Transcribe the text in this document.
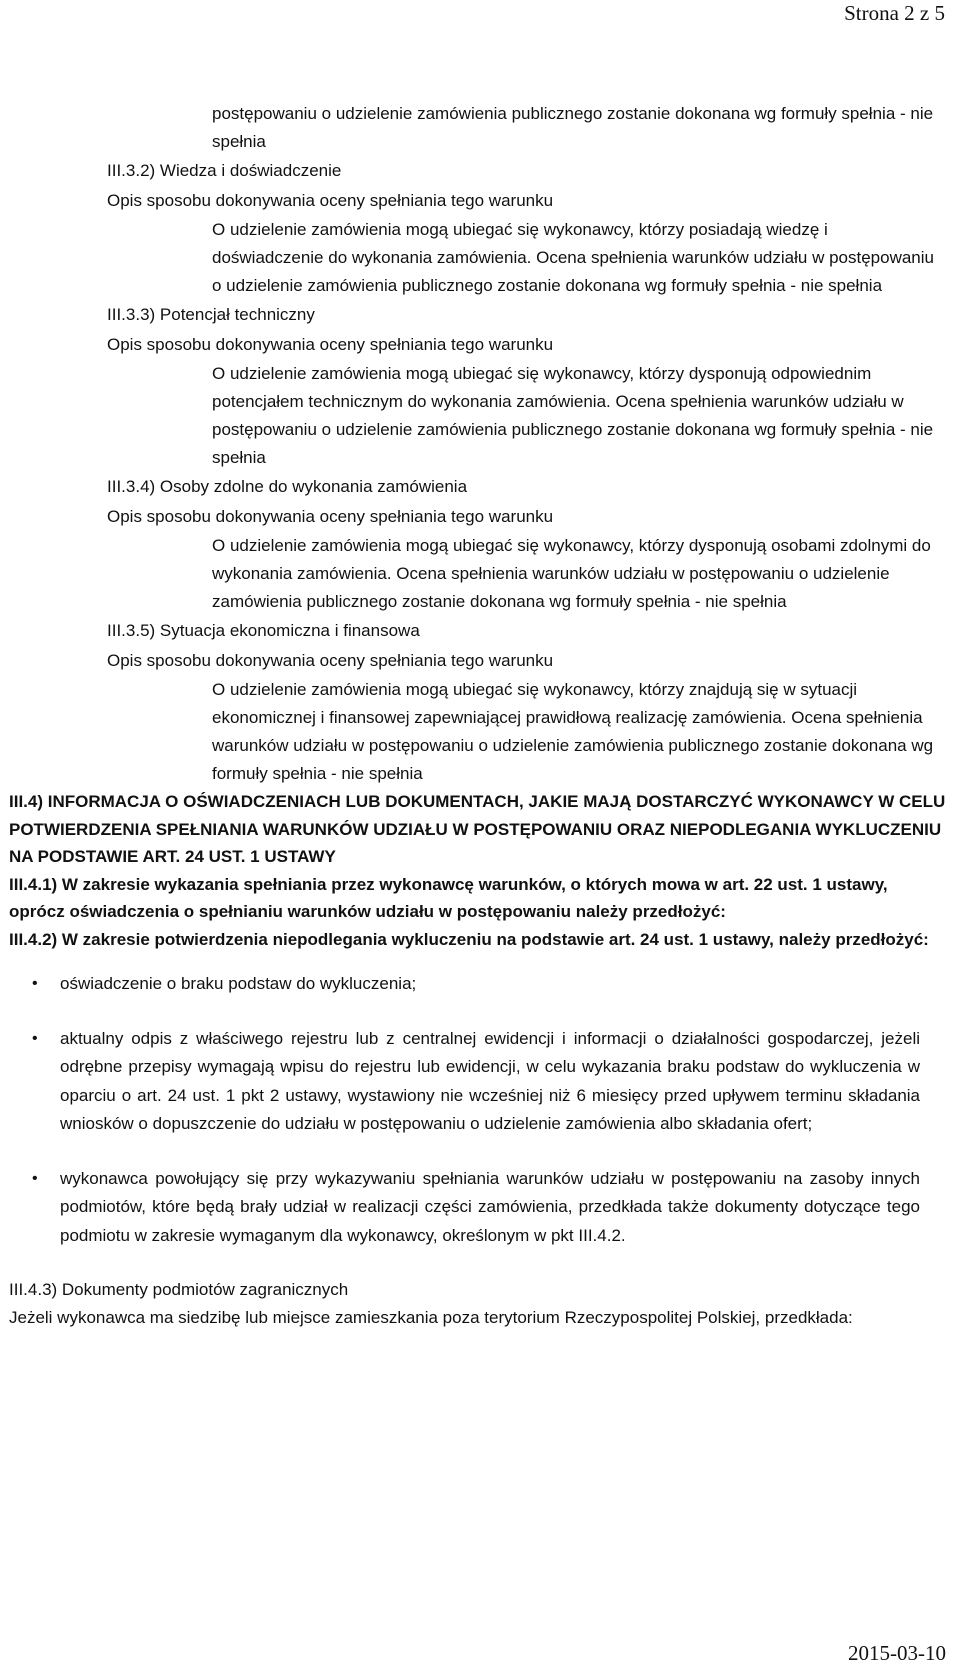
Strona 2 z 5

postępowaniu o udzielenie zamówienia publicznego zostanie dokonana wg formuły spełnia - nie spełnia

III.3.2) Wiedza i doświadczenie

Opis sposobu dokonywania oceny spełniania tego warunku

O udzielenie zamówienia mogą ubiegać się wykonawcy, którzy posiadają wiedzę i doświadczenie do wykonania zamówienia. Ocena spełnienia warunków udziału w postępowaniu o udzielenie zamówienia publicznego zostanie dokonana wg formuły spełnia - nie spełnia

III.3.3) Potencjał techniczny

Opis sposobu dokonywania oceny spełniania tego warunku

O udzielenie zamówienia mogą ubiegać się wykonawcy, którzy dysponują odpowiednim potencjałem technicznym do wykonania zamówienia. Ocena spełnienia warunków udziału w postępowaniu o udzielenie zamówienia publicznego zostanie dokonana wg formuły spełnia - nie spełnia

III.3.4) Osoby zdolne do wykonania zamówienia

Opis sposobu dokonywania oceny spełniania tego warunku

O udzielenie zamówienia mogą ubiegać się wykonawcy, którzy dysponują osobami zdolnymi do wykonania zamówienia. Ocena spełnienia warunków udziału w postępowaniu o udzielenie zamówienia publicznego zostanie dokonana wg formuły spełnia - nie spełnia

III.3.5) Sytuacja ekonomiczna i finansowa

Opis sposobu dokonywania oceny spełniania tego warunku

O udzielenie zamówienia mogą ubiegać się wykonawcy, którzy znajdują się w sytuacji ekonomicznej i finansowej zapewniającej prawidłową realizację zamówienia. Ocena spełnienia warunków udziału w postępowaniu o udzielenie zamówienia publicznego zostanie dokonana wg formuły spełnia - nie spełnia

III.4) INFORMACJA O OŚWIADCZENIACH LUB DOKUMENTACH, JAKIE MAJĄ DOSTARCZYĆ WYKONAWCY W CELU POTWIERDZENIA SPEŁNIANIA WARUNKÓW UDZIAŁU W POSTĘPOWANIU ORAZ NIEPODLEGANIA WYKLUCZENIU NA PODSTAWIE ART. 24 UST. 1 USTAWY

III.4.1) W zakresie wykazania spełniania przez wykonawcę warunków, o których mowa w art. 22 ust. 1 ustawy, oprócz oświadczenia o spełnianiu warunków udziału w postępowaniu należy przedłożyć:

III.4.2) W zakresie potwierdzenia niepodlegania wykluczeniu na podstawie art. 24 ust. 1 ustawy, należy przedłożyć:

• oświadczenie o braku podstaw do wykluczenia;
• aktualny odpis z właściwego rejestru lub z centralnej ewidencji i informacji o działalności gospodarczej, jeżeli odrębne przepisy wymagają wpisu do rejestru lub ewidencji, w celu wykazania braku podstaw do wykluczenia w oparciu o art. 24 ust. 1 pkt 2 ustawy, wystawiony nie wcześniej niż 6 miesięcy przed upływem terminu składania wniosków o dopuszczenie do udziału w postępowaniu o udzielenie zamówienia albo składania ofert;
• wykonawca powołujący się przy wykazywaniu spełniania warunków udziału w postępowaniu na zasoby innych podmiotów, które będą brały udział w realizacji części zamówienia, przedkłada także dokumenty dotyczące tego podmiotu w zakresie wymaganym dla wykonawcy, określonym w pkt III.4.2.

III.4.3) Dokumenty podmiotów zagranicznych

Jeżeli wykonawca ma siedzibę lub miejsce zamieszkania poza terytorium Rzeczypospolitej Polskiej, przedkłada:

2015-03-10
